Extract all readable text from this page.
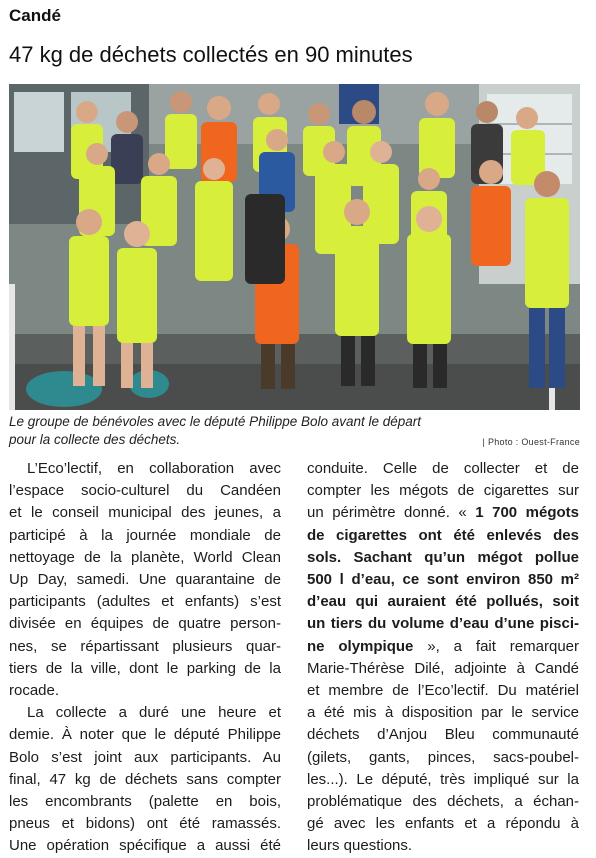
Candé
47 kg de déchets collectés en 90 minutes
Le groupe de bénévoles avec le député Philippe Bolo avant le départ
pour la collecte des déchets.	| Photo : Ouest-France
L’Eco’lectif, en collaboration avec
l’espace socio-culturel du Candéen
et le conseil municipal des jeunes, a
participé à la journée mondiale de
nettoyage de la planète, World Clean
Up Day, samedi. Une quarantaine de
participants (adultes et enfants) s’est
divisée en équipes de quatre person-
nes, se répartissant plusieurs quar-
tiers de la ville, dont le parking de la
rocade.
La collecte a duré une heure et
demie. À noter que le député Philippe
Bolo s’est joint aux participants. Au
final, 47 kg de déchets sans compter
les encombrants (palette en bois,
pneus et bidons) ont été ramassés.
Une opération spécifique a aussi été
conduite. Celle de collecter et de
compter les mégots de cigarettes sur
un périmètre donné. « 1 700 mégots
de cigarettes ont été enlevés des
sols. Sachant qu’un mégot pollue
500 l d’eau, ce sont environ 850 m²
d’eau qui auraient été pollués, soit
un tiers du volume d’eau d’une pisci-
ne olympique », a fait remarquer
Marie-Thérèse Dilé, adjointe à Candé
et membre de l’Eco’lectif. Du matériel
a été mis à disposition par le service
déchets d’Anjou Bleu communauté
(gilets, gants, pinces, sacs-poubel-
les...). Le député, très impliqué sur la
problématique des déchets, a échan-
gé avec les enfants et a répondu à
leurs questions.
